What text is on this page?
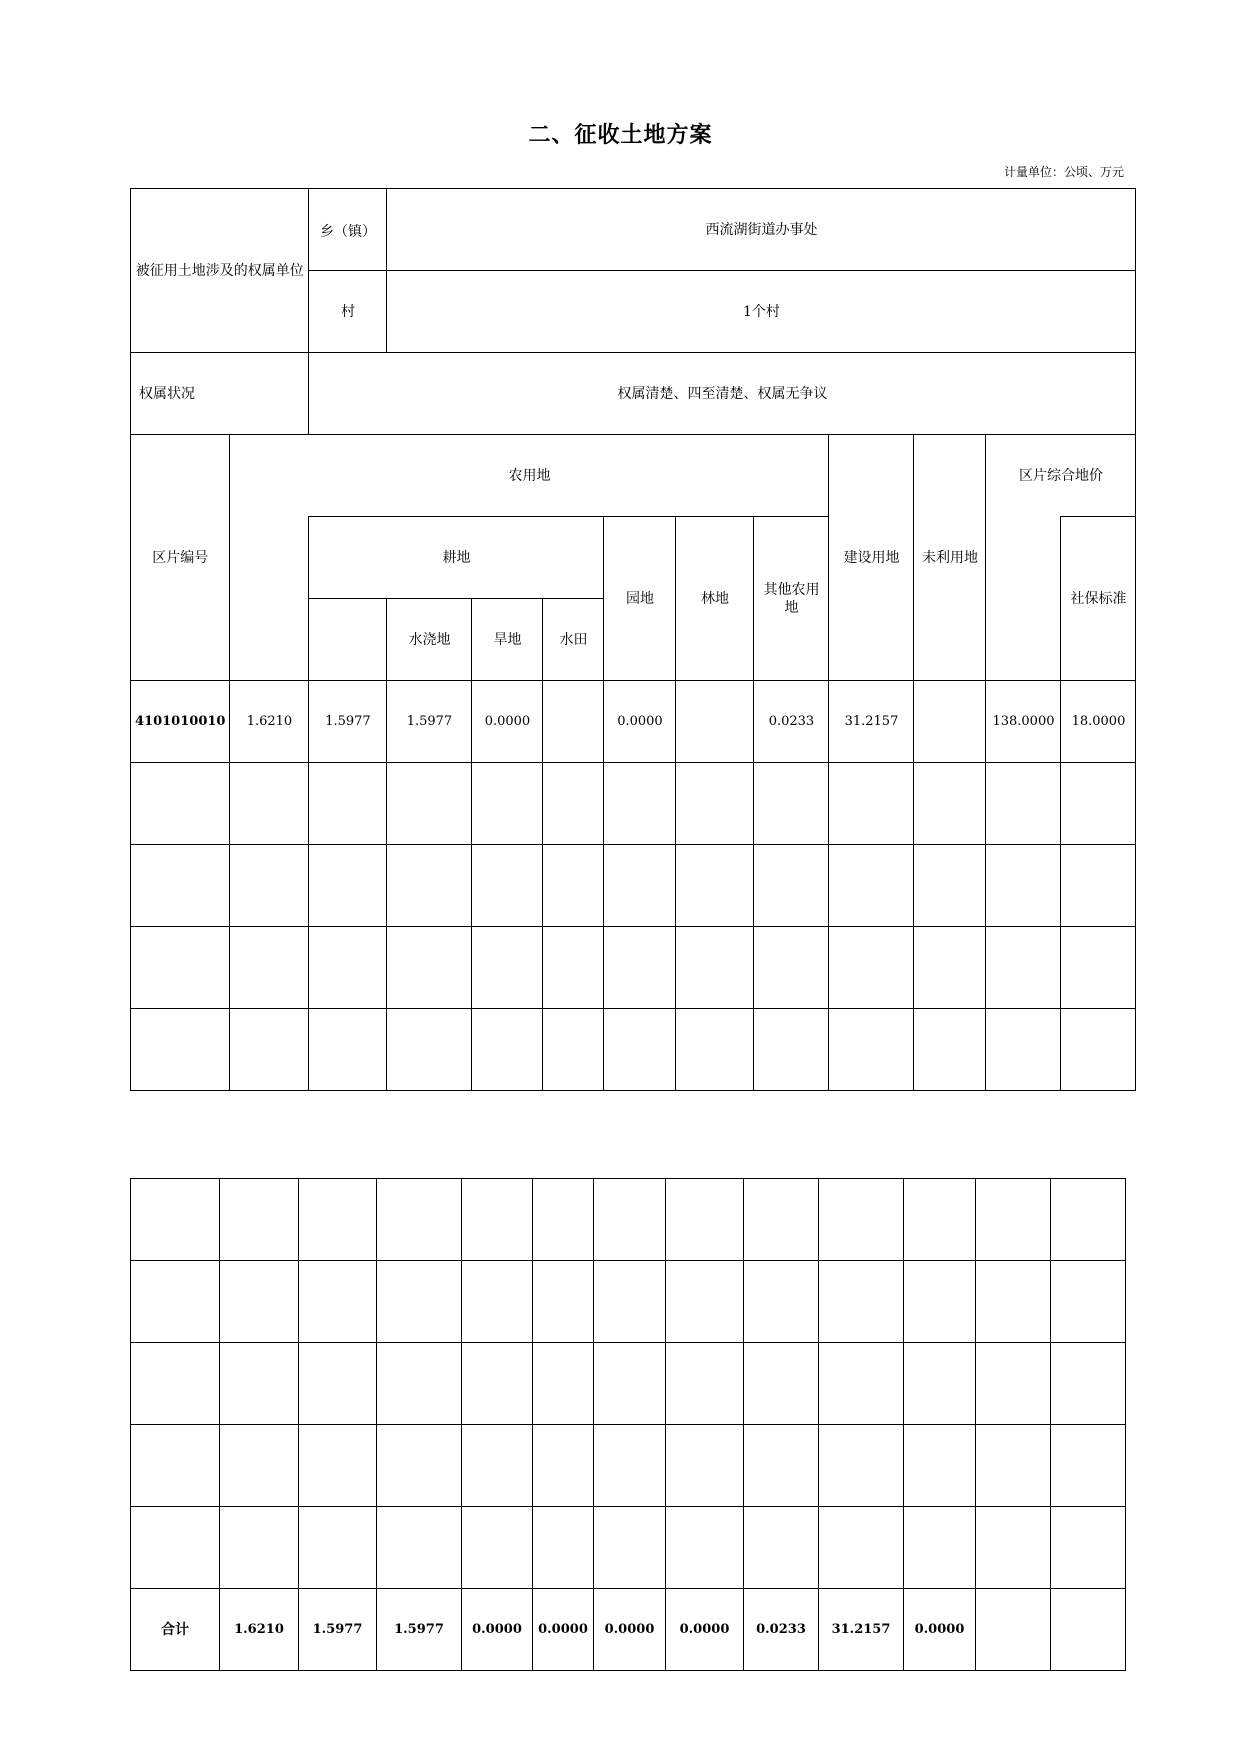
二、征收土地方案
计量单位：公顷、万元
被征用土地涉及的权属单位		乡（镇）	西流湖街道办事处									
		村	1个村									
权属状况		权属清楚、四至清楚、权属无争议										
区片编号	农用地								建设用地	未利用地	区片综合地价	
		耕地				园地	林地	其他农用地				社保标准
			水浇地	旱地	水田							
4101010010	1.6210	1.5977	1.5977	0.0000		0.0000		0.0233	31.2157		138.0000	18.0000

合计	1.6210	1.5977	1.5977	0.0000	0.0000	0.0000	0.0000	0.0233	31.2157	0.0000		
